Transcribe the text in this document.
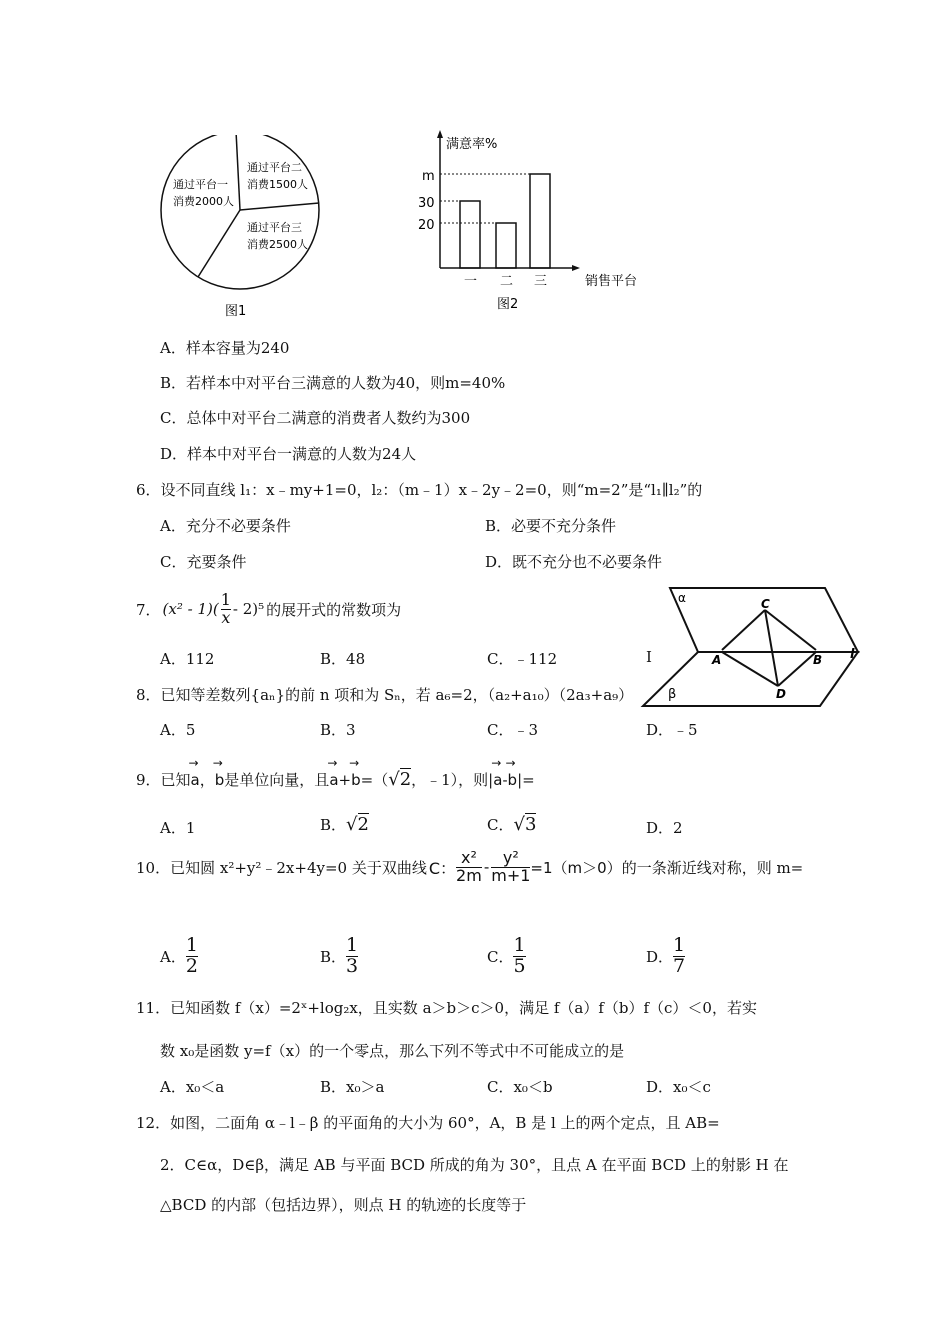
通过平台一
消费2000人
通过平台二
消费1500人
通过平台三
消费2500人
图1
满意率%
销售平台
m
30
20
一 二 三
图2
A．样本容量为240
B．若样本中对平台三满意的人数为40，则m=40%
C．总体中对平台二满意的消费者人数约为300
D．样本中对平台一满意的人数为24人
6．设不同直线 l₁：x﹣my+1=0，l₂：（m﹣1）x﹣2y﹣2=0，则“m=2”是“l₁∥l₂”的
A．充分不必要条件	B．必要不充分条件
C．充要条件	D．既不充分也不必要条件
7． $(x^2 - 1)( \frac{1}{x} - 2)^5$ 的展开式的常数项为
A．112	B．48	C．﹣112	I
8．已知等差数列{aₙ}的前 n 项和为 Sₙ，若 a₆=2，（a₂+a₁₀）（2a₃+a₉）
A．5	B．3	C．﹣3	D．﹣5
α
β
l
A	B
C
D
9．已知 → a ， → b 是单位向量，且 → a + → b =（ √ 2 ，﹣1），则| → a - → b |=
A．1	B．√2	C．√3	D．2
10．已知圆 x²+y²﹣2x+4y=0 关于双曲线 C： $\frac{\text{x²}}{2m} - \frac{\text{y²}}{m+1} =1(m>0)$ 的一条渐近线对称，则 m=
A． $\frac{1}{2}$	B． $\frac{1}{3}$	C． $\frac{1}{5}$	D． $\frac{1}{7}$
11．已知函数 f（x）=2ˣ+log₂x，且实数 a＞b＞c＞0，满足 f（a）f（b）f（c）＜0，若实
数 x₀是函数 y=f（x）的一个零点，那么下列不等式中不可能成立的是
A．x₀＜a	B．x₀＞a	C．x₀＜b	D．x₀＜c
12．如图，二面角 α﹣l﹣β 的平面角的大小为 60°，A，B 是 l 上的两个定点，且 AB=
2．C∈α，D∈β，满足 AB 与平面 BCD 所成的角为 30°，且点 A 在平面 BCD 上的射影 H 在
△BCD 的内部（包括边界），则点 H 的轨迹的长度等于
